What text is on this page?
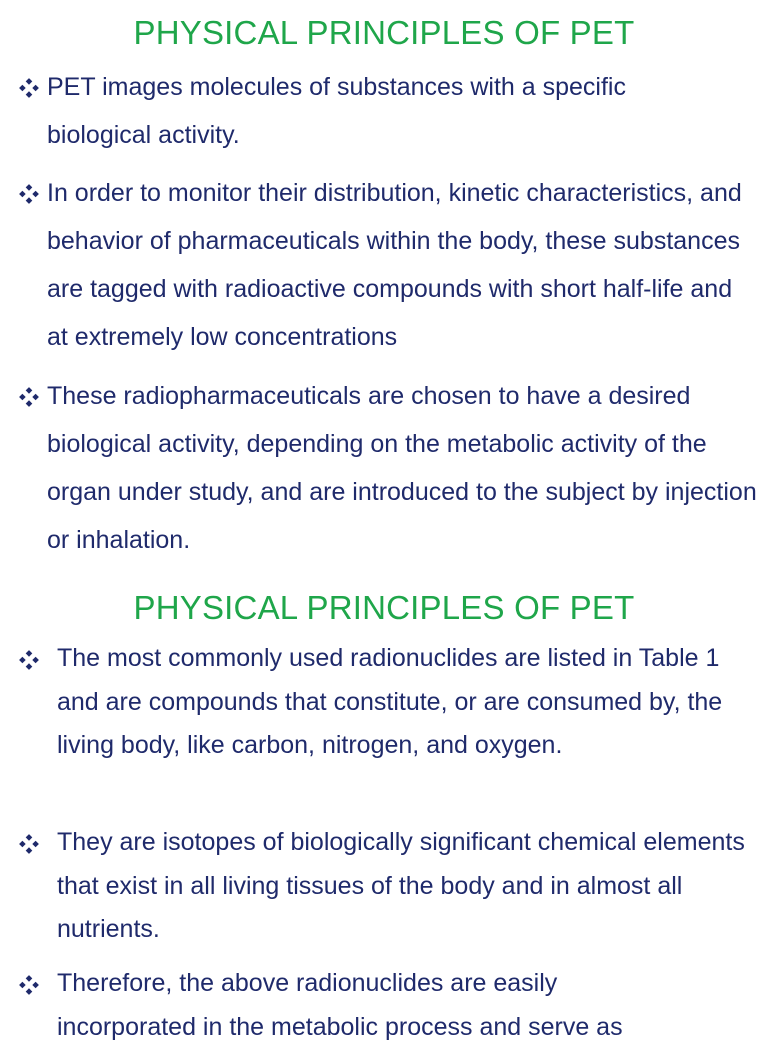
PHYSICAL PRINCIPLES OF PET

PET images molecules of substances with a specific biological activity.

In order to monitor their distribution, kinetic characteristics, and behavior of pharmaceuticals within the body, these substances are tagged with radioactive compounds with short half-life and at extremely low concentrations

These radiopharmaceuticals are chosen to have a desired biological activity, depending on the metabolic activity of the organ under study, and are introduced to the subject by injection or inhalation.

PHYSICAL PRINCIPLES OF PET

The most commonly used radionuclides are listed in Table 1 and are compounds that constitute, or are consumed by, the living body, like carbon, nitrogen, and oxygen.

They are isotopes of biologically significant chemical elements that exist in all living tissues of the body and in almost all nutrients.

Therefore, the above radionuclides are easily incorporated in the metabolic process and serve as
